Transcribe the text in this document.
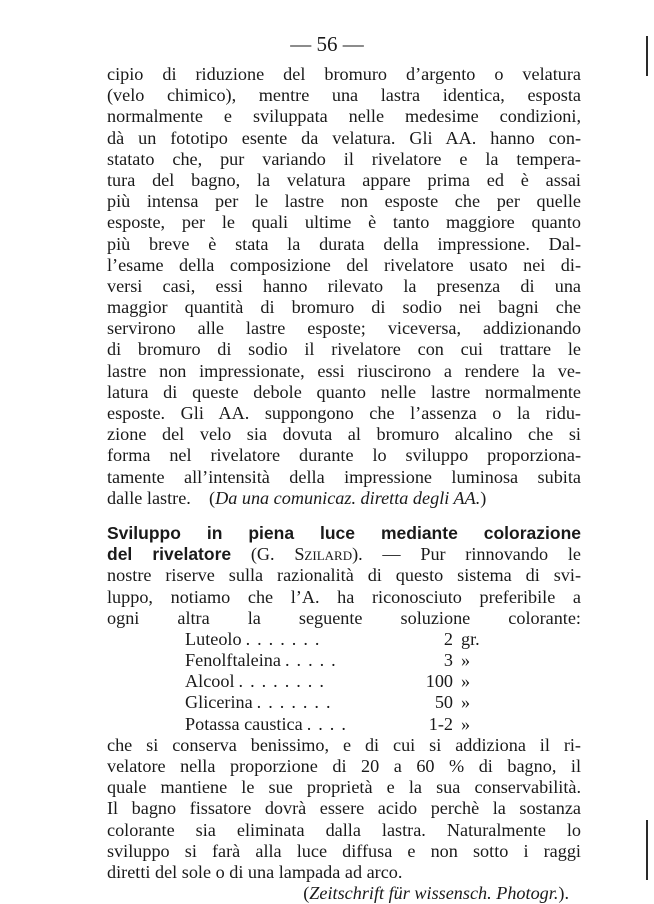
— 56 —
cipio di riduzione del bromuro d’argento o velatura
(velo chimico), mentre una lastra identica, esposta
normalmente e sviluppata nelle medesime condizioni,
dà un fototipo esente da velatura. Gli AA. hanno con-
statato che, pur variando il rivelatore e la tempera-
tura del bagno, la velatura appare prima ed è assai
più intensa per le lastre non esposte che per quelle
esposte, per le quali ultime è tanto maggiore quanto
più breve è stata la durata della impressione. Dal-
l’esame della composizione del rivelatore usato nei di-
versi casi, essi hanno rilevato la presenza di una
maggior quantità di bromuro di sodio nei bagni che
servirono alle lastre esposte; viceversa, addizionando
di bromuro di sodio il rivelatore con cui trattare le
lastre non impressionate, essi riuscirono a rendere la ve-
latura di queste debole quanto nelle lastre normalmente
esposte. Gli AA. suppongono che l’assenza o la ridu-
zione del velo sia dovuta al bromuro alcalino che si
forma nel rivelatore durante lo sviluppo proporziona-
tamente all’intensità della impressione luminosa subita
dalle lastre. (Da una comunicaz. diretta degli AA.)
Sviluppo in piena luce mediante colorazione
del rivelatore (G. Szilard). — Pur rinnovando le
nostre riserve sulla razionalità di questo sistema di svi-
luppo, notiamo che l’A. ha riconosciuto preferibile a
ogni altra la seguente soluzione colorante:
Luteolo .......	2 gr.
Fenolftaleina .....	3 »
Alcool ........	100 »
Glicerina .......	50 »
Potassa caustica ....	1-2 »
che si conserva benissimo, e di cui si addiziona il ri-
velatore nella proporzione di 20 a 60 % di bagno, il
quale mantiene le sue proprietà e la sua conservabilità.
Il bagno fissatore dovrà essere acido perchè la sostanza
colorante sia eliminata dalla lastra. Naturalmente lo
sviluppo si farà alla luce diffusa e non sotto i raggi
diretti del sole o di una lampada ad arco.
(Zeitschrift für wissensch. Photogr.).
